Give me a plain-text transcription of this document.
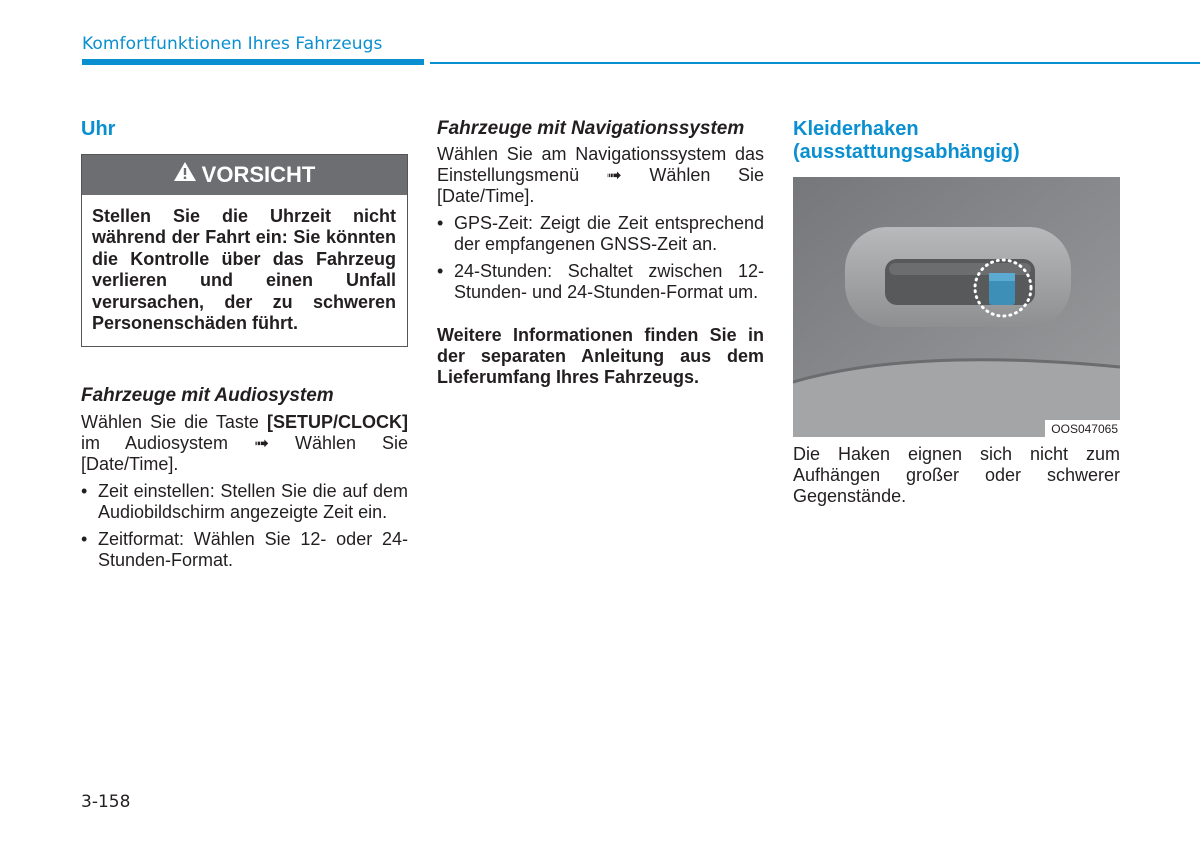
Komfortfunktionen Ihres Fahrzeugs
Uhr
VORSICHT
Stellen Sie die Uhrzeit nicht während der Fahrt ein: Sie könnten die Kontrolle über das Fahrzeug verlieren und einen Unfall verursachen, der zu schweren Personenschäden führt.
Fahrzeuge mit Audiosystem

Wählen Sie die Taste [SETUP/CLOCK] im Audiosystem ➟ Wählen Sie [Date/Time].

• Zeit einstellen: Stellen Sie die auf dem Audiobildschirm angezeigte Zeit ein.
• Zeitformat: Wählen Sie 12- oder 24-Stunden-Format.
Fahrzeuge mit Navigationssystem

Wählen Sie am Navigationssystem das Einstellungsmenü ➟ Wählen Sie [Date/Time].

• GPS-Zeit: Zeigt die Zeit entsprechend der empfangenen GNSS-Zeit an.
• 24-Stunden: Schaltet zwischen 12-Stunden- und 24-Stunden-Format um.

Weitere Informationen finden Sie in der separaten Anleitung aus dem Lieferumfang Ihres Fahrzeugs.

Kleiderhaken (ausstattungsabhängig)
OOS047065

Die Haken eignen sich nicht zum Aufhängen großer oder schwerer Gegenstände.

3-158
